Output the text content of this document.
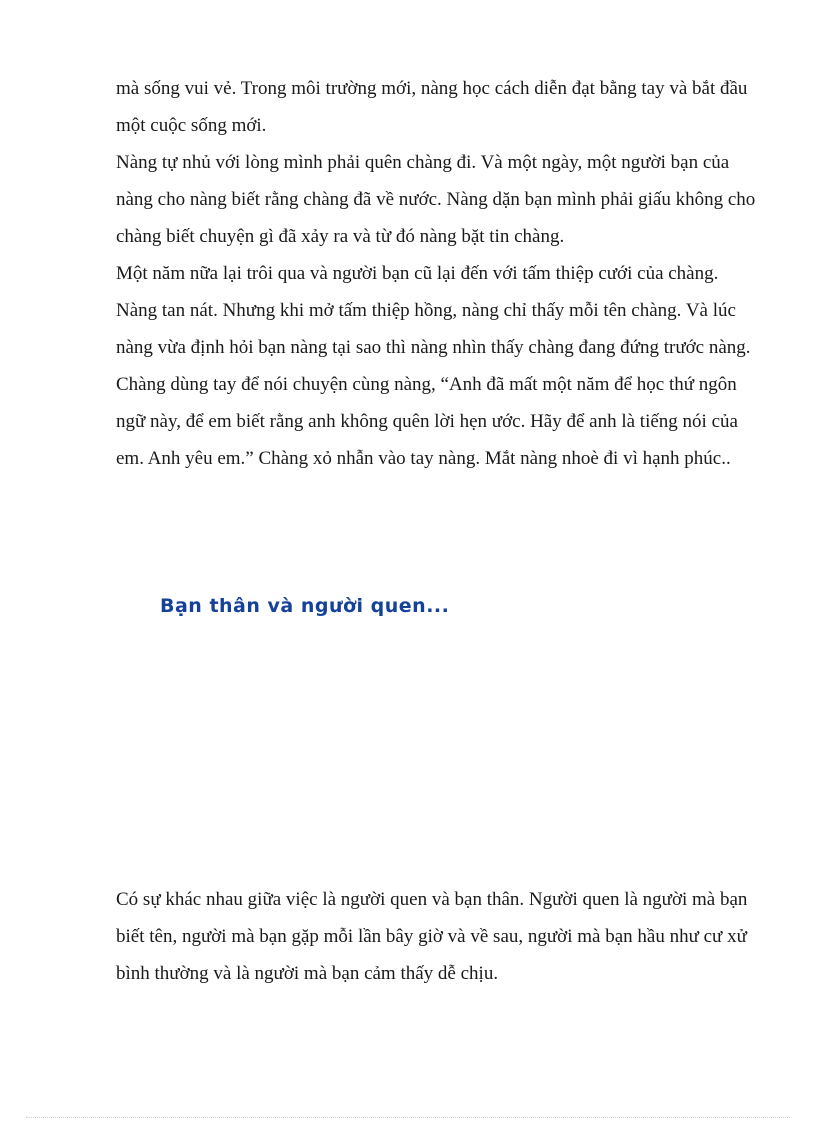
mà sống vui vẻ. Trong môi trường mới, nàng học cách diễn đạt bằng tay và bắt đầu một cuộc sống mới.

Nàng tự nhủ với lòng mình phải quên chàng đi. Và một ngày, một người bạn của nàng cho nàng biết rằng chàng đã về nước. Nàng dặn bạn mình phải giấu không cho chàng biết chuyện gì đã xảy ra và từ đó nàng bặt tin chàng.

Một năm nữa lại trôi qua và người bạn cũ lại đến với tấm thiệp cưới của chàng. Nàng tan nát. Nhưng khi mở tấm thiệp hồng, nàng chỉ thấy mỗi tên chàng. Và lúc nàng vừa định hỏi bạn nàng tại sao thì nàng nhìn thấy chàng đang đứng trước nàng.

Chàng dùng tay để nói chuyện cùng nàng, “Anh đã mất một năm để học thứ ngôn ngữ này, để em biết rằng anh không quên lời hẹn ước. Hãy để anh là tiếng nói của em. Anh yêu em.” Chàng xỏ nhẫn vào tay nàng. Mắt nàng nhoè đi vì hạnh phúc..

Bạn thân và người quen...

Có sự khác nhau giữa việc là người quen và bạn thân. Người quen là người mà bạn biết tên, người mà bạn gặp mỗi lần bây giờ và về sau, người mà bạn hầu như cư xử bình thường và là người mà bạn cảm thấy dễ chịu.
